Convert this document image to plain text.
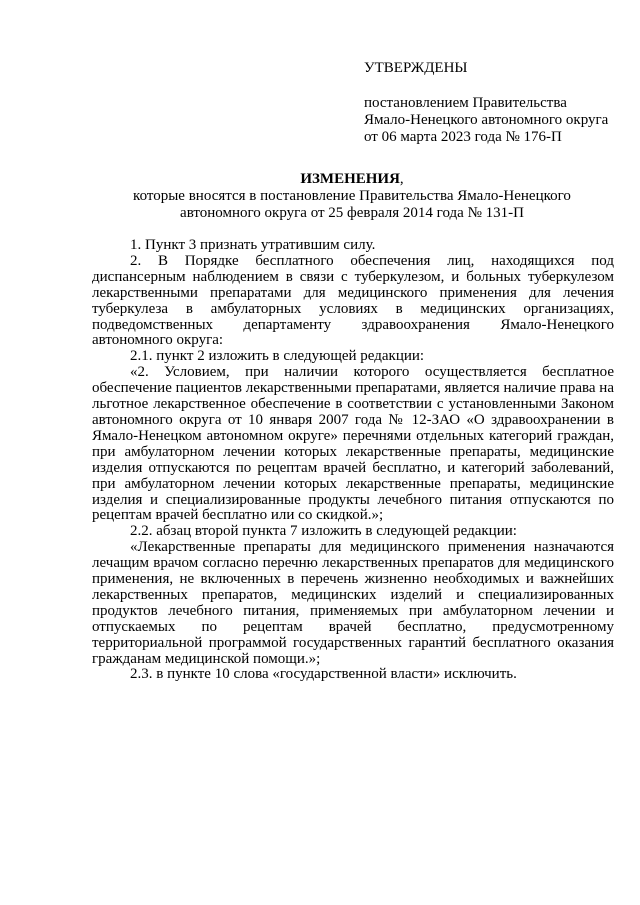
УТВЕРЖДЕНЫ
постановлением Правительства
Ямало-Ненецкого автономного округа
от 06 марта 2023 года № 176-П
ИЗМЕНЕНИЯ,
которые вносятся в постановление Правительства Ямало-Ненецкого
автономного округа от 25 февраля 2014 года № 131-П

1. Пункт 3 признать утратившим силу.

2. В Порядке бесплатного обеспечения лиц, находящихся под диспансерным наблюдением в связи с туберкулезом, и больных туберкулезом лекарственными препаратами для медицинского применения для лечения туберкулеза в амбулаторных условиях в медицинских организациях, подведомственных департаменту здравоохранения Ямало-Ненецкого автономного округа:

2.1. пункт 2 изложить в следующей редакции:

«2. Условием, при наличии которого осуществляется бесплатное обеспечение пациентов лекарственными препаратами, является наличие права на льготное лекарственное обеспечение в соответствии с установленными Законом автономного округа от 10 января 2007 года № 12-ЗАО «О здравоохранении в Ямало-Ненецком автономном округе» перечнями отдельных категорий граждан, при амбулаторном лечении которых лекарственные препараты, медицинские изделия отпускаются по рецептам врачей бесплатно, и категорий заболеваний, при амбулаторном лечении которых лекарственные препараты, медицинские изделия и специализированные продукты лечебного питания отпускаются по рецептам врачей бесплатно или со скидкой.»;

2.2. абзац второй пункта 7 изложить в следующей редакции:

«Лекарственные препараты для медицинского применения назначаются лечащим врачом согласно перечню лекарственных препаратов для медицинского применения, не включенных в перечень жизненно необходимых и важнейших лекарственных препаратов, медицинских изделий и специализированных продуктов лечебного питания, применяемых при амбулаторном лечении и отпускаемых по рецептам врачей бесплатно, предусмотренному территориальной программой государственных гарантий бесплатного оказания гражданам медицинской помощи.»;

2.3. в пункте 10 слова «государственной власти» исключить.
